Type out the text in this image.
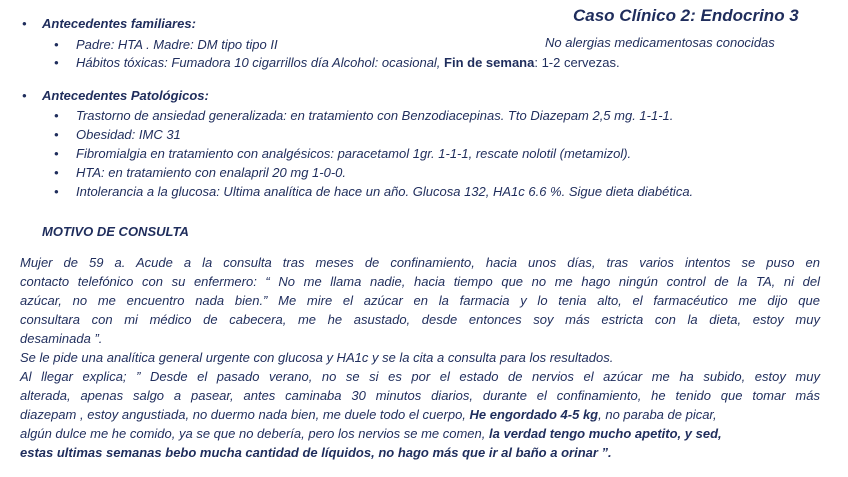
Caso Clínico 2: Endocrino 3
No alergias medicamentosas conocidas
• Antecedentes familiares:
• Padre: HTA . Madre: DM tipo tipo II
• Hábitos tóxicas: Fumadora 10 cigarrillos día Alcohol: ocasional, Fin de semana: 1-2 cervezas.
• Antecedentes Patológicos:
• Trastorno de ansiedad generalizada: en tratamiento con Benzodiacepinas. Tto Diazepam 2,5 mg. 1-1-1.
• Obesidad: IMC 31
• Fibromialgia en tratamiento con analgésicos: paracetamol 1gr. 1-1-1, rescate nolotil (metamizol).
• HTA: en tratamiento con enalapril 20 mg 1-0-0.
• Intolerancia a la glucosa: Ultima analítica de hace un año. Glucosa 132, HA1c 6.6 %. Sigue dieta diabética.
MOTIVO DE CONSULTA
Mujer de 59 a. Acude a la consulta tras meses de confinamiento, hacia unos días, tras varios intentos se puso en
contacto telefónico con su enfermero: “ No me llama nadie, hacia tiempo que no me hago ningún control de la TA, ni del
azúcar, no me encuentro nada bien.” Me mire el azúcar en la farmacia y lo tenia alto, el farmacéutico me dijo que
consultara con mi médico de cabecera, me he asustado, desde entonces soy más estricta con la dieta, estoy muy
desaminada ”.
Se le pide una analítica general urgente con glucosa y HA1c y se la cita a consulta para los resultados.
Al llegar explica; ” Desde el pasado verano, no se si es por el estado de nervios el azúcar me ha subido, estoy muy
alterada, apenas salgo a pasear, antes caminaba 30 minutos diarios, durante el confinamiento, he tenido que tomar más
diazepam , estoy angustiada, no duermo nada bien, me duele todo el cuerpo, He engordado 4-5 kg, no paraba de picar,
algún dulce me he comido, ya se que no debería, pero los nervios se me comen, la verdad tengo mucho apetito, y sed,
estas ultimas semanas bebo mucha cantidad de líquidos, no hago más que ir al baño a orinar ”.
